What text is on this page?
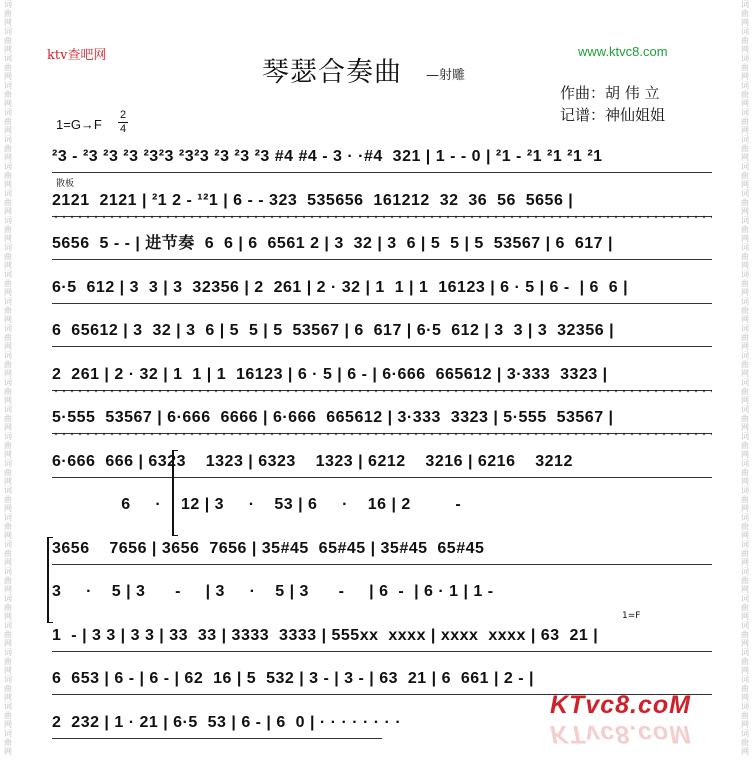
词曲网词曲网词曲网词曲网词曲网词曲网词曲网词曲网词曲网词曲网词曲网词曲网词曲网词曲网词曲网词曲网词曲网词曲网词曲网词曲网词曲网词曲网词曲网词曲网词曲网词曲网词曲网词曲网
词曲网词曲网词曲网词曲网词曲网词曲网词曲网词曲网词曲网词曲网词曲网词曲网词曲网词曲网词曲网词曲网词曲网词曲网词曲网词曲网词曲网词曲网词曲网词曲网词曲网词曲网词曲网词曲网
ktv查吧网	www.ktvc8.com
琴瑟合奏曲 —射雕
作曲：胡 伟 立
记谱：神仙姐姐
1=G→F
2
4
²3 - ²3 ²3 ²3 ²3²3 ²3²3 ²3 ²3 ²3 #4 #4 - 3 · ·#4  321 | 1 - - 0 | ²1 - ²1 ²1 ²1 ²1
散板
2121  2121 | ²1 2 - ¹²1 | 6 - - 323  535656  161212  32  36  56  5656 |
5656  5 - - | 进节奏  6  6 | 6  6561 2 | 3  32 | 3  6 | 5  5 | 5  53567 | 6  617 |
6·5  612 | 3  3 | 3  32356 | 2  261 | 2 · 32 | 1  1 | 1  16123 | 6 · 5 | 6 -  | 6  6 |
6  65612 | 3  32 | 3  6 | 5  5 | 5  53567 | 6  617 | 6·5  612 | 3  3 | 3  32356 |
2  261 | 2 · 32 | 1  1 | 1  16123 | 6 · 5 | 6 - | 6·666  665612 | 3·333  3323 |
5·555  53567 | 6·666  6666 | 6·666  665612 | 3·333  3323 | 5·555  53567 |
6·666  666 | 6323    1323 | 6323    1323 | 6212    3216 | 6216    3212
6     ·    12 | 3     ·    53 | 6     ·    16 | 2         -
3656    7656 | 3656  7656 | 35#45  65#45 | 35#45  65#45
3     ·    5 | 3      -     | 3     ·    5 | 3      -     | 6  -  | 6 · 1 | 1 -
1=F
1  - | 3 3 | 3 3 | 33  33 | 3333  3333 | 555xx  xxxx | xxxx  xxxx | 63  21 |
6  653 | 6 - | 6 - | 62  16 | 5  532 | 3 - | 3 - | 63  21 | 6  661 | 2 - |
2  232 | 1 · 21 | 6·5  53 | 6 - | 6  0 | · · · · · · · ·
KTvc8.coM
KTvc8.coM
